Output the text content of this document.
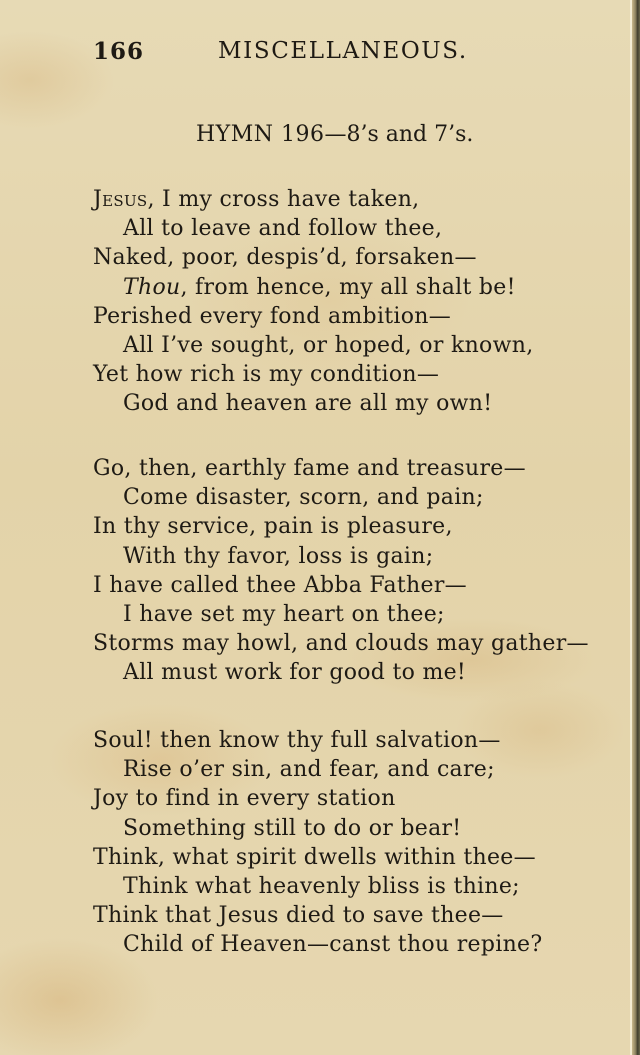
166	MISCELLANEOUS.
HYMN 196—8’s and 7’s.
Jesus, I my cross have taken,
All to leave and follow thee,
Naked, poor, despis’d, forsaken—
Thou, from hence, my all shalt be!
Perished every fond ambition—
All I’ve sought, or hoped, or known,
Yet how rich is my condition—
God and heaven are all my own!
Go, then, earthly fame and treasure—
Come disaster, scorn, and pain;
In thy service, pain is pleasure,
With thy favor, loss is gain;
I have called thee Abba Father—
I have set my heart on thee;
Storms may howl, and clouds may gather—
All must work for good to me!
Soul! then know thy full salvation—
Rise o’er sin, and fear, and care;
Joy to find in every station
Something still to do or bear!
Think, what spirit dwells within thee—
Think what heavenly bliss is thine;
Think that Jesus died to save thee—
Child of Heaven—canst thou repine?
